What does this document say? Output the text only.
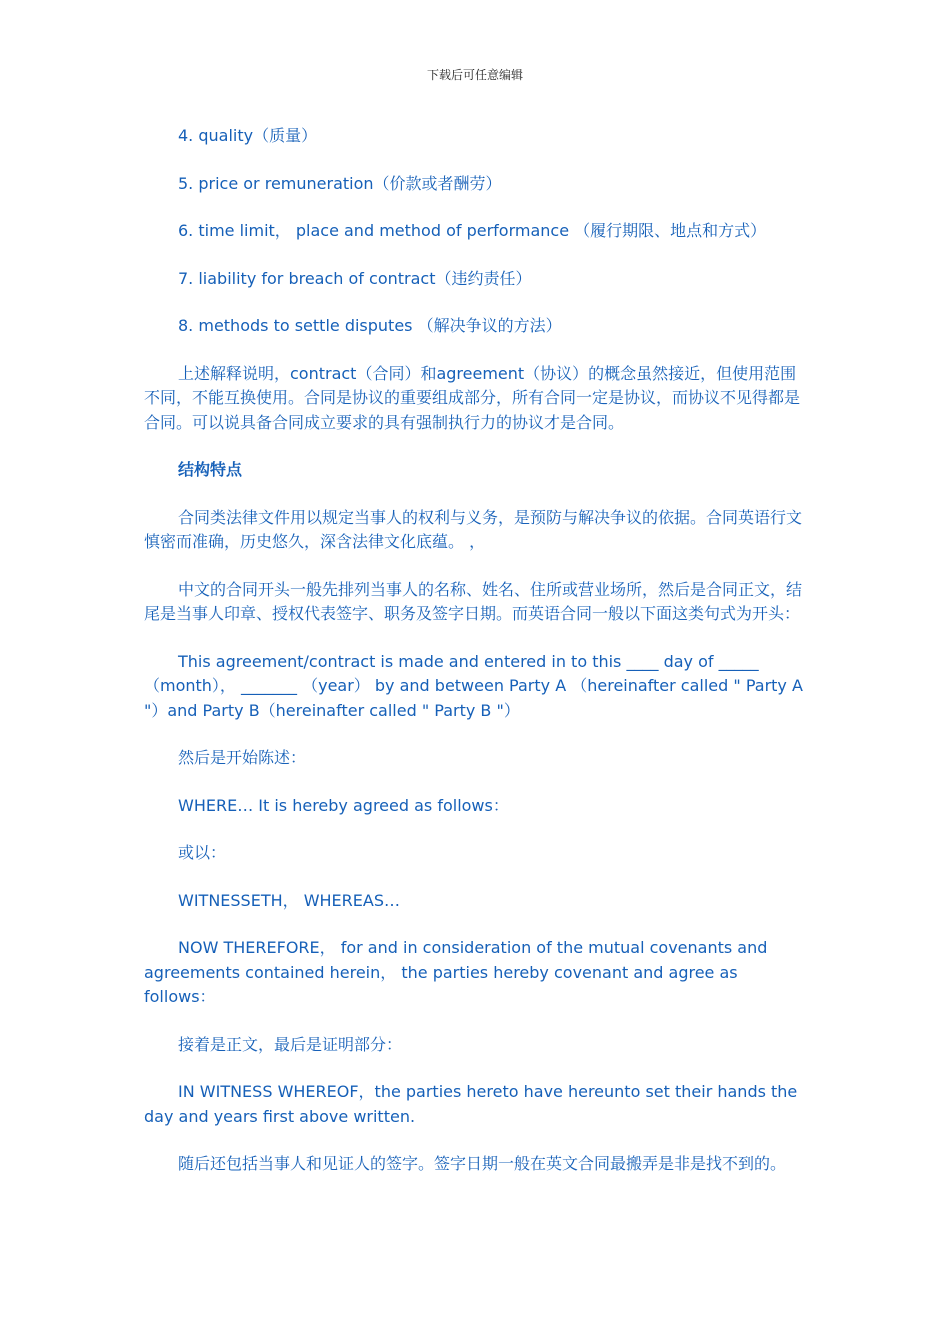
下载后可任意编辑

4. quality（质量）

5. price or remuneration（价款或者酬劳）

6. time limit， place and method of performance （履行期限、地点和方式）

7. liability for breach of contract（违约责任）

8. methods to settle disputes （解决争议的方法）

上述解释说明，contract（合同）和agreement（协议）的概念虽然接近，但使用范围不同，不能互换使用。合同是协议的重要组成部分，所有合同一定是协议，而协议不见得都是合同。可以说具备合同成立要求的具有强制执行力的协议才是合同。

结构特点

合同类法律文件用以规定当事人的权利与义务，是预防与解决争议的依据。合同英语行文慎密而准确，历史悠久，深含法律文化底蕴。 ，

中文的合同开头一般先排列当事人的名称、姓名、住所或营业场所，然后是合同正文，结尾是当事人印章、授权代表签字、职务及签字日期。而英语合同一般以下面这类句式为开头：

This agreement/contract is made and entered in to this ____ day of _____（month）， _______ （year） by and between Party A （hereinafter called " Party A "）and Party B（hereinafter called " Party B "）

然后是开始陈述：

WHERE… It is hereby agreed as follows：

或以：

WITNESSETH， WHEREAS…

NOW THEREFORE， for and in consideration of the mutual covenants and agreements contained herein， the parties hereby covenant and agree as follows：

接着是正文，最后是证明部分：

IN WITNESS WHEREOF，the parties hereto have hereunto set their hands the day and years first above written.

随后还包括当事人和见证人的签字。签字日期一般在英文合同最搬弄是非是找不到的。
